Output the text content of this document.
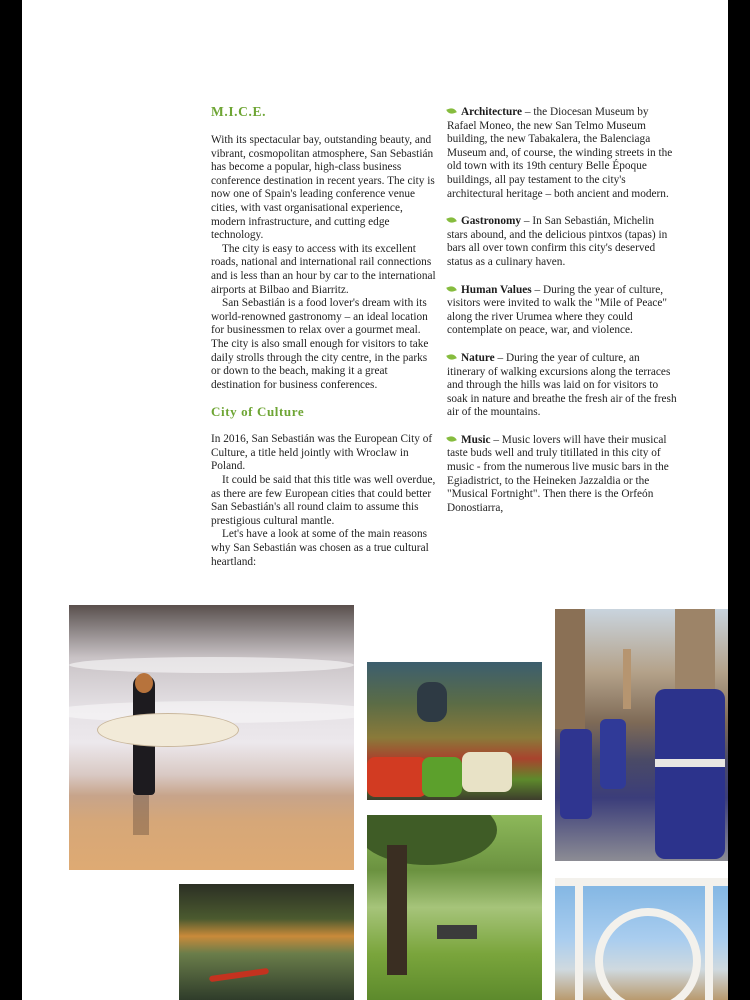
M.I.C.E.

With its spectacular bay, outstanding beauty, and vibrant, cosmopolitan atmosphere, San Sebastián has become a popular, high-class business conference destination in recent years. The city is now one of Spain's leading conference venue cities, with vast organisational experience, modern infrastructure, and cutting edge technology.

The city is easy to access with its excellent roads, national and international rail connections and is less than an hour by car to the international airports at Bilbao and Biarritz.

San Sebastián is a food lover's dream with its world-renowned gastronomy – an ideal location for businessmen to relax over a gourmet meal. The city is also small enough for visitors to take daily strolls through the city centre, in the parks or down to the beach, making it a great destination for business conferences.

City of Culture

In 2016, San Sebastián was the European City of Culture, a title held jointly with Wroclaw in Poland.

It could be said that this title was well overdue, as there are few European cities that could better San Sebastián's all round claim to assume this prestigious cultural mantle.

Let's have a look at some of the main reasons why San Sebastián was chosen as a true cultural heartland:

Architecture – the Diocesan Museum by Rafael Moneo, the new San Telmo Museum building, the new Tabakalera, the Balenciaga Museum and, of course, the winding streets in the old town with its 19th century Belle Époque buildings, all pay testament to the city's architectural heritage – both ancient and modern.
Gastronomy – In San Sebastián, Michelin stars abound, and the delicious pintxos (tapas) in bars all over town confirm this city's deserved status as a culinary haven.
Human Values – During the year of culture, visitors were invited to walk the "Mile of Peace" along the river Urumea where they could contemplate on peace, war, and violence.
Nature – During the year of culture, an itinerary of walking excursions along the terraces and through the hills was laid on for visitors to soak in nature and breathe the fresh air of the fresh air of the mountains.
Music – Music lovers will have their musical taste buds well and truly titillated in this city of music - from the numerous live music bars in the Egiadistrict, to the Heineken Jazzaldia or the "Musical Fortnight". Then there is the Orfeón Donostiarra,
